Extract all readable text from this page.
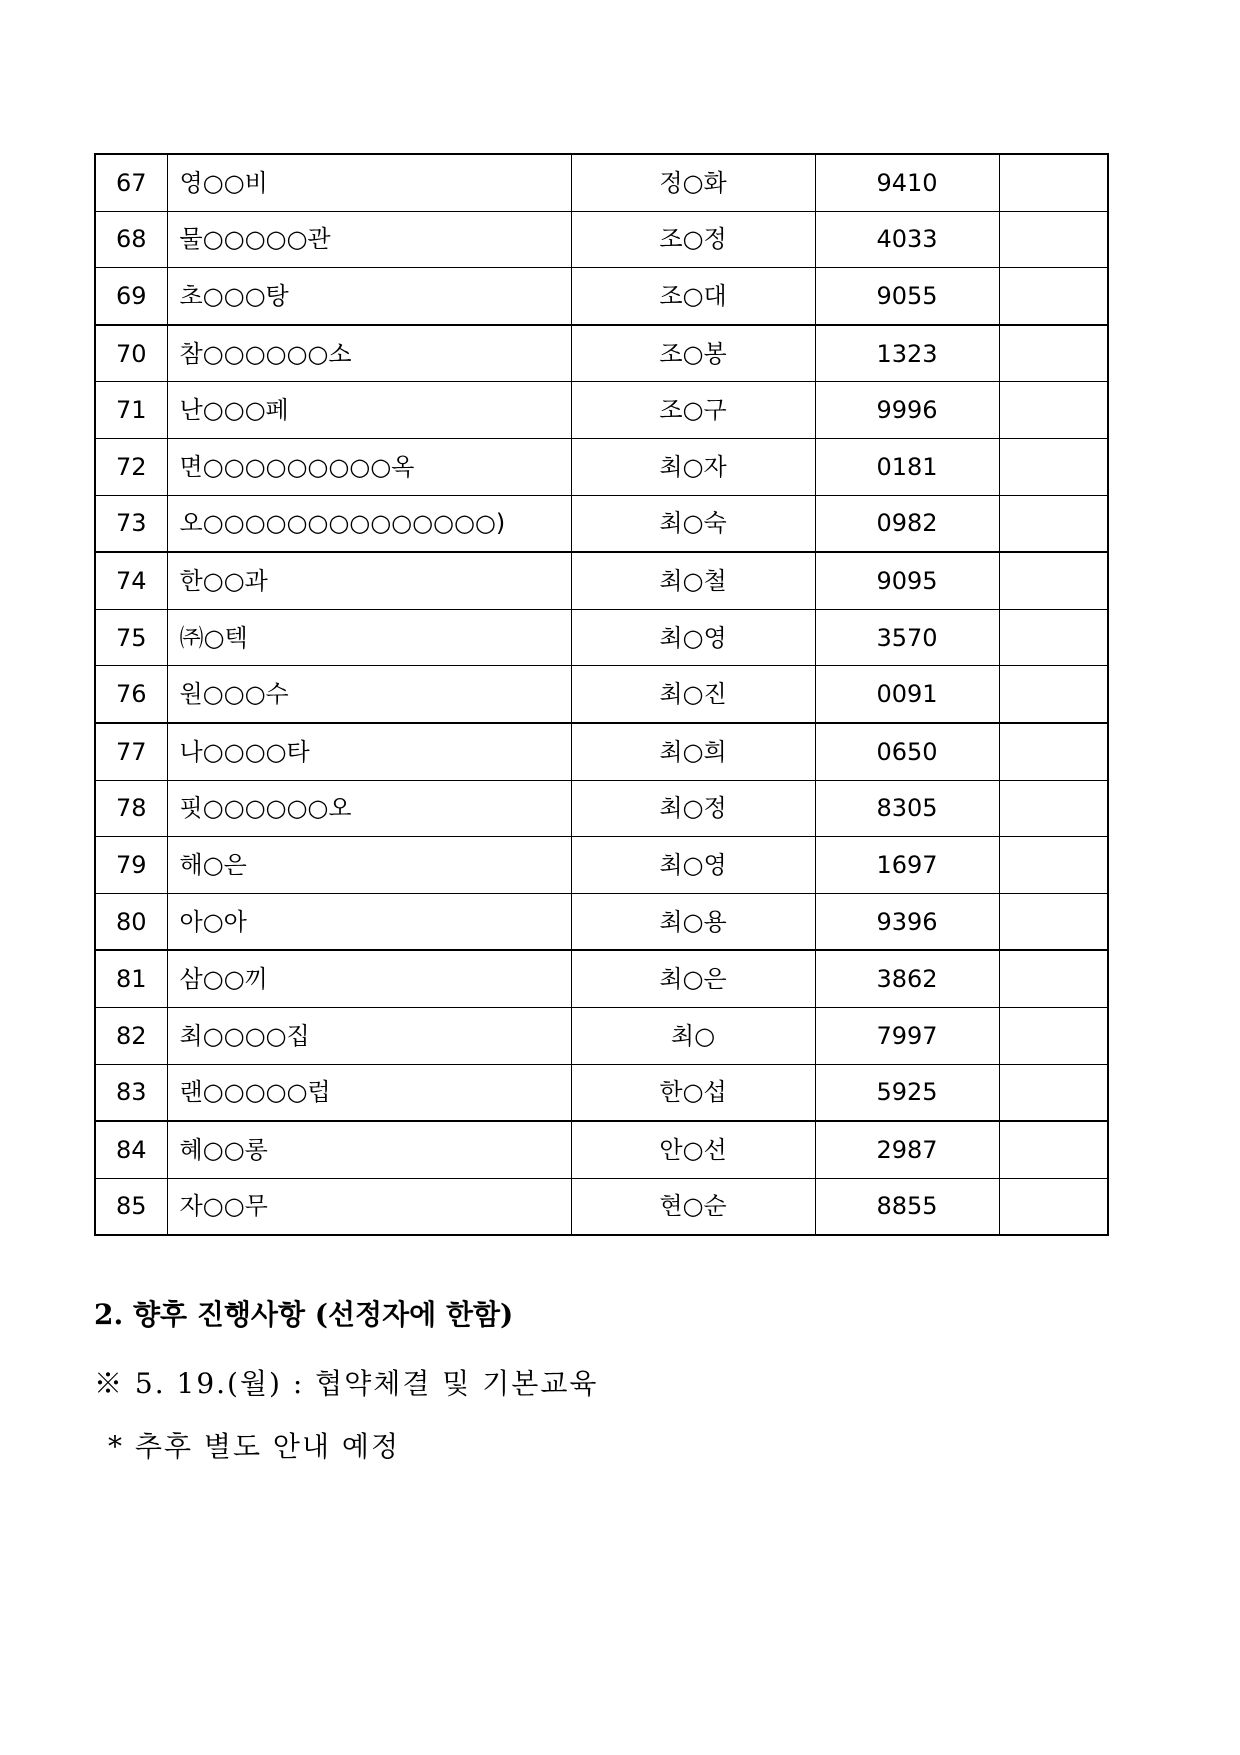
67	영○○비	정○화	9410	
68	물○○○○○관	조○정	4033	
69	초○○○탕	조○대	9055	
70	참○○○○○○소	조○봉	1323	
71	난○○○페	조○구	9996	
72	면○○○○○○○○○옥	최○자	0181	
73	오○○○○○○○○○○○○○○)	최○숙	0982	
74	한○○과	최○철	9095	
75	㈜○텍	최○영	3570	
76	원○○○수	최○진	0091	
77	나○○○○타	최○희	0650	
78	핏○○○○○○오	최○정	8305	
79	해○은	최○영	1697	
80	아○아	최○용	9396	
81	삼○○끼	최○은	3862	
82	최○○○○집	최○	7997	
83	랜○○○○○럽	한○섭	5925	
84	혜○○롱	안○선	2987	
85	자○○무	현○순	8855	
2. 향후 진행사항 (선정자에 한함)
※ 5. 19.(월) : 협약체결 및 기본교육
* 추후 별도 안내 예정
